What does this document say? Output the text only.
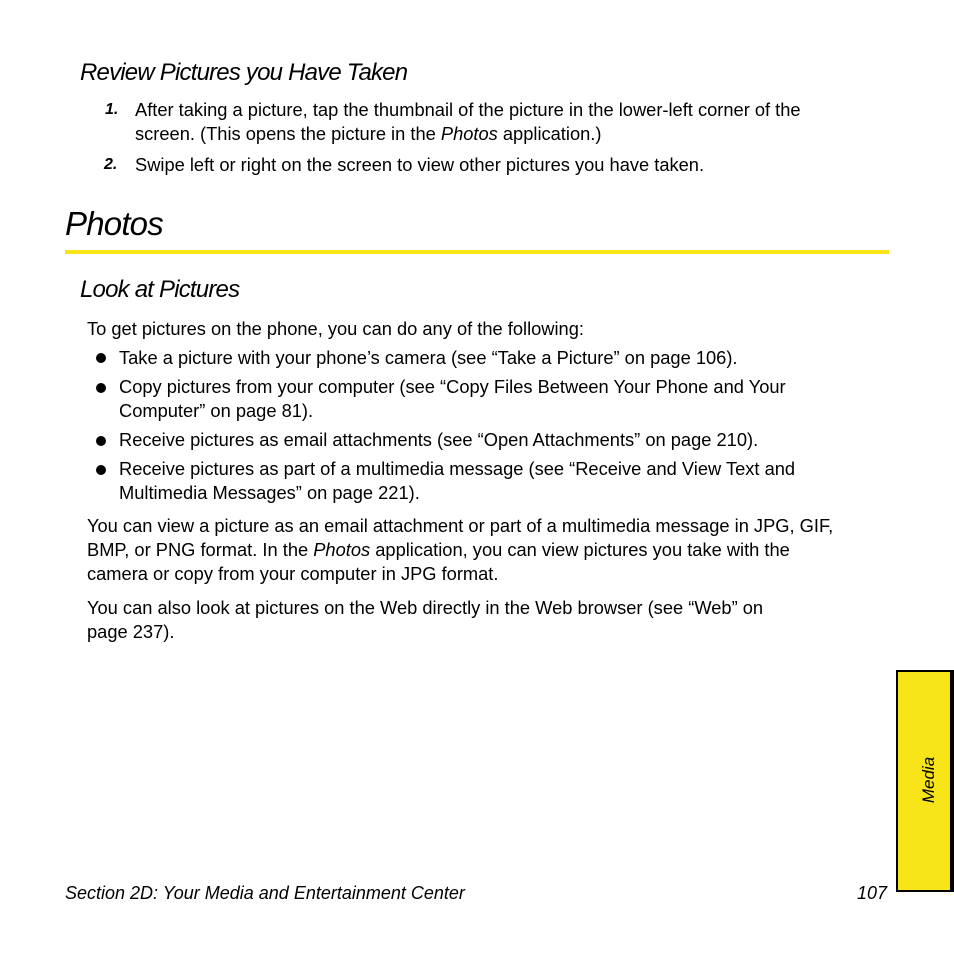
Review Pictures you Have Taken
1. After taking a picture, tap the thumbnail of the picture in the lower-left corner of the
screen. (This opens the picture in the Photos application.)
2. Swipe left or right on the screen to view other pictures you have taken.
Photos
Look at Pictures
To get pictures on the phone, you can do any of the following:
Take a picture with your phone’s camera (see “Take a Picture” on page 106).
Copy pictures from your computer (see “Copy Files Between Your Phone and Your
Computer” on page 81).
Receive pictures as email attachments (see “Open Attachments” on page 210).
Receive pictures as part of a multimedia message (see “Receive and View Text and
Multimedia Messages” on page 221).
You can view a picture as an email attachment or part of a multimedia message in JPG, GIF,
BMP, or PNG format. In the Photos application, you can view pictures you take with the
camera or copy from your computer in JPG format.
You can also look at pictures on the Web directly in the Web browser (see “Web” on
page 237).
Media
Section 2D: Your Media and Entertainment Center	107
